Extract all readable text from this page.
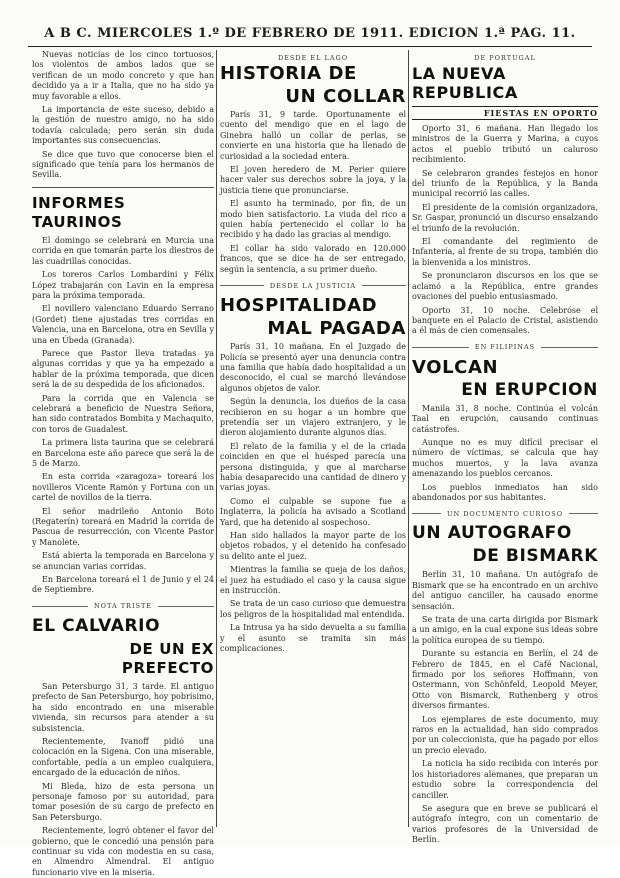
A B C. MIERCOLES 1.º DE FEBRERO DE 1911. EDICION 1.ª PAG. 11.

Nuevas noticias de los cinco tortuosos, los violentos de ambos lados que se verifican de un modo concreto y que han decidido ya a ir a Italia, que no ha sido ya muy favorable a ellos.

La importancia de este suceso, debido a la gestión de nuestro amigo, no ha sido todavía calculada; pero serán sin duda importantes sus consecuencias.

Se dice que tuvo que conocerse bien el significado que tenía para los hermanos de Sevilla.

INFORMES TAURINOS

El domingo se celebrará en Murcia una corrida en que tomarán parte los diestros de las cuadrillas conocidas.

Los toreros Carlos Lombardini y Félix López trabajarán con Lavin en la empresa para la próxima temporada.

El novillero valenciano Eduardo Serrano (Gordet) tiene ajustadas tres corridas en Valencia, una en Barcelona, otra en Sevilla y una en Úbeda (Granada).

Parece que Pastor lleva tratadas ya algunas corridas y que ya ha empezado a hablar de la próxima temporada, que dicen será la de su despedida de los aficionados.

Para la corrida que en Valencia se celebrará a beneficio de Nuestra Señora, han sido contratados Bombita y Machaquito, con toros de Guadalest.

La primera lista taurina que se celebrará en Barcelona este año parece que será la de 5 de Marzo.

En esta corrida «zaragoza» toreará los novilleros Vicente Ramón y Fortuna con un cartel de novillos de la tierra.

El señor madrileño Antonio Boto (Regaterín) toreará en Madrid la corrida de Pascua de resurrección, con Vicente Pastor y Manolete.

Está abierta la temporada en Barcelona y se anuncian varias corridas.

En Barcelona toreará el 1 de Junio y el 24 de Septiembre.

NOTA TRISTE
EL CALVARIO
DE UN EX PREFECTO

San Petersburgo 31, 3 tarde. El antiguo prefecto de San Petersburgo, hoy pobrísimo, ha sido encontrado en una miserable vivienda, sin recursos para atender a su subsistencia.

Recientemente, Ivanoff pidió una colocación en la Sigena. Con una miserable, confortable, pedía a un empleo cualquiera, encargado de la educación de niños.

Mi Bleda, hizo de esta persona un personaje famoso por su autoridad, para tomar posesión de su cargo de prefecto en San Petersburgo.

Recientemente, logró obtener el favor del gobierno, que le concedió una pensión para continuar su vida con modestia en su casa, en Almendro Almendral. El antiguo funcionario vive en la miseria.

DESDE EL LAGO
HISTORIA DE
UN COLLAR

París 31, 9 tarde. Oportunamente el cuento del mendigo que en el lago de Ginebra halló un collar de perlas, se convierte en una historia que ha llenado de curiosidad a la sociedad entera.

El joven heredero de M. Perier quiere hacer valer sus derechos sobre la joya, y la justicia tiene que pronunciarse.

El asunto ha terminado, por fin, de un modo bien satisfactorio. La viuda del rico a quien había pertenecido el collar lo ha recibido y ha dado las gracias al mendigo.

El collar ha sido valorado en 120.000 francos, que se dice ha de ser entregado, según la sentencia, a su primer dueño.

DESDE LA JUSTICIA
HOSPITALIDAD
MAL PAGADA

París 31, 10 mañana. En el Juzgado de Policía se presentó ayer una denuncia contra una familia que había dado hospitalidad a un desconocido, el cual se marchó llevándose algunos objetos de valor.

Según la denuncia, los dueños de la casa recibieron en su hogar a un hombre que pretendía ser un viajero extranjero, y le dieron alojamiento durante algunos días.

El relato de la familia y el de la criada coinciden en que el huésped parecía una persona distinguida, y que al marcharse había desaparecido una cantidad de dinero y varias joyas.

Como el culpable se supone fue a Inglaterra, la policía ha avisado a Scotland Yard, que ha detenido al sospechoso.

Han sido hallados la mayor parte de los objetos robados, y el detenido ha confesado su delito ante el juez.

Mientras la familia se queja de los daños, el juez ha estudiado el caso y la causa sigue en instrucción.

Se trata de un caso curioso que demuestra los peligros de la hospitalidad mal entendida.

La Intrusa ya ha sido devuelta a su familia y el asunto se tramita sin más complicaciones.

DE PORTUGAL
LA NUEVA REPUBLICA
FIESTAS EN OPORTO

Oporto 31, 6 mañana. Han llegado los ministros de la Guerra y Marina, a cuyos actos el pueblo tributó un caluroso recibimiento.

Se celebraron grandes festejos en honor del triunfo de la República, y la Banda municipal recorrió las calles.

El presidente de la comisión organizadora, Sr. Gaspar, pronunció un discurso ensalzando el triunfo de la revolución.

El comandante del regimiento de Infantería, al frente de su tropa, también dio la bienvenida a los ministros.

Se pronunciaron discursos en los que se aclamó a la República, entre grandes ovaciones del pueblo entusiasmado.

Oporto 31, 10 noche. Celebróse el banquete en el Palacio de Cristal, asistiendo a él más de cien comensales.

EN FILIPINAS
VOLCAN
EN ERUPCION

Manila 31, 8 noche. Continúa el volcán Taal en erupción, causando continuas catástrofes.

Aunque no es muy difícil precisar el número de víctimas, se calcula que hay muchos muertos, y la lava avanza amenazando los pueblos cercanos.

Los pueblos inmediatos han sido abandonados por sus habitantes.

UN DOCUMENTO CURIOSO
UN AUTOGRAFO
DE BISMARK

Berlín 31, 10 mañana. Un autógrafo de Bismark que se ha encontrado en un archivo del antiguo canciller, ha causado enorme sensación.

Se trata de una carta dirigida por Bismark a un amigo, en la cual expone sus ideas sobre la política europea de su tiempo.

Durante su estancia en Berlín, el 24 de Febrero de 1845, en el Café Nacional, firmado por los señores Hoffmann, von Ostermann, von Schönfeld, Leopold Meyer, Otto von Bismarck, Ruthenberg y otros diversos firmantes.

Los ejemplares de este documento, muy raros en la actualidad, han sido comprados por un coleccionista, que ha pagado por ellos un precio elevado.

La noticia ha sido recibida con interés por los historiadores alemanes, que preparan un estudio sobre la correspondencia del canciller.

Se asegura que en breve se publicará el autógrafo íntegro, con un comentario de varios profesores de la Universidad de Berlín.
